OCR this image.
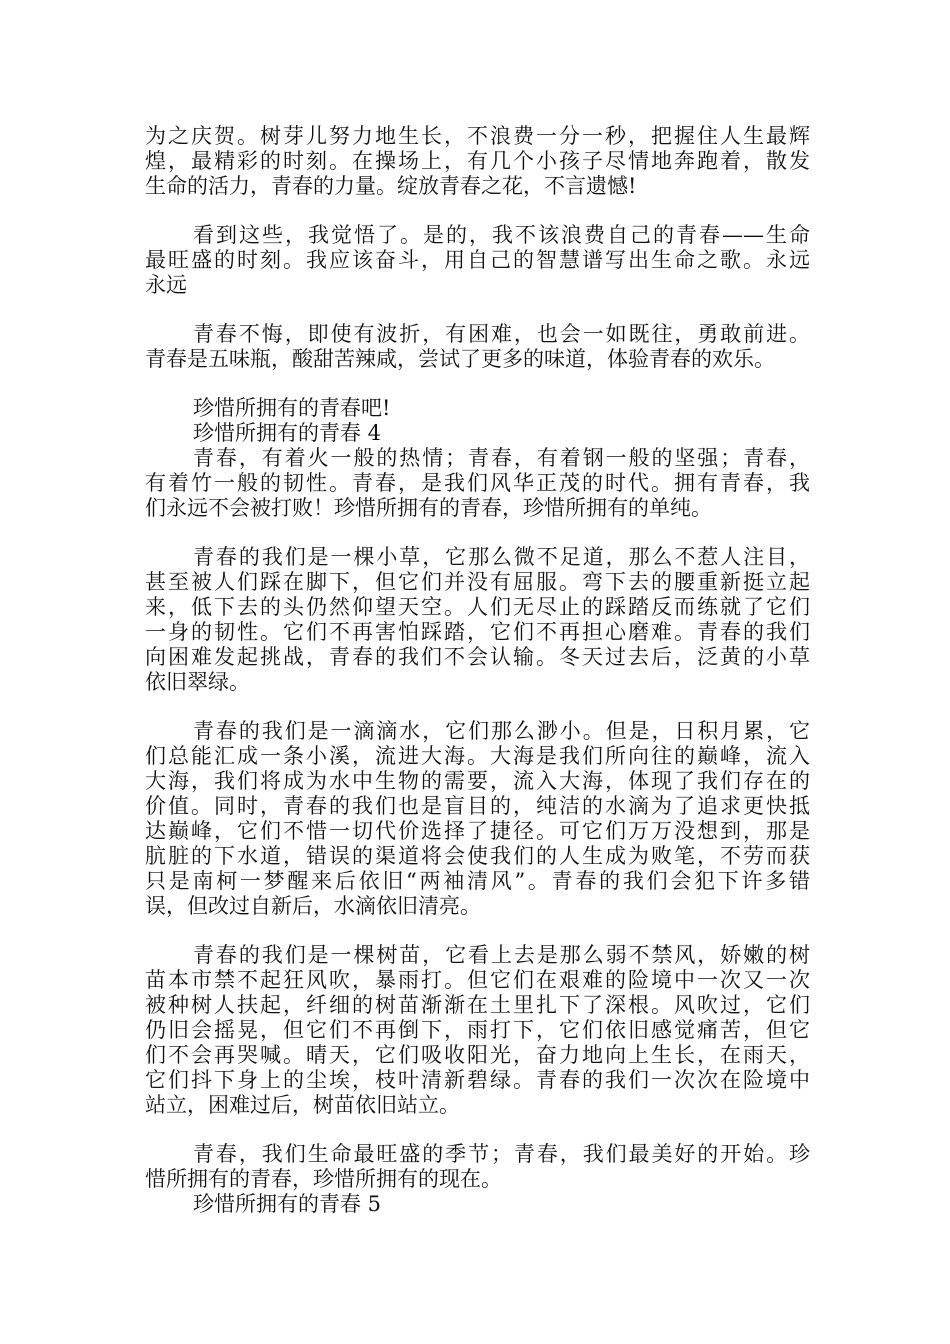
为之庆贺。树芽儿努力地生长，不浪费一分一秒，把握住人生最辉
煌，最精彩的时刻。在操场上，有几个小孩子尽情地奔跑着，散发
生命的活力，青春的力量。绽放青春之花，不言遗憾!
看到这些，我觉悟了。是的，我不该浪费自己的青春——生命
最旺盛的时刻。我应该奋斗，用自己的智慧谱写出生命之歌。永远
永远
青春不悔，即使有波折，有困难，也会一如既往，勇敢前进。
青春是五味瓶，酸甜苦辣咸，尝试了更多的味道，体验青春的欢乐。
珍惜所拥有的青春吧!
珍惜所拥有的青春 4
青春，有着火一般的热情；青春，有着钢一般的坚强；青春，
有着竹一般的韧性。青春，是我们风华正茂的时代。拥有青春，我
们永远不会被打败！珍惜所拥有的青春，珍惜所拥有的单纯。
青春的我们是一棵小草，它那么微不足道，那么不惹人注目，
甚至被人们踩在脚下，但它们并没有屈服。弯下去的腰重新挺立起
来，低下去的头仍然仰望天空。人们无尽止的踩踏反而练就了它们
一身的韧性。它们不再害怕踩踏，它们不再担心磨难。青春的我们
向困难发起挑战，青春的我们不会认输。冬天过去后，泛黄的小草
依旧翠绿。
青春的我们是一滴滴水，它们那么渺小。但是，日积月累，它
们总能汇成一条小溪，流进大海。大海是我们所向往的巅峰，流入
大海，我们将成为水中生物的需要，流入大海，体现了我们存在的
价值。同时，青春的我们也是盲目的，纯洁的水滴为了追求更快抵
达巅峰，它们不惜一切代价选择了捷径。可它们万万没想到，那是
肮脏的下水道，错误的渠道将会使我们的人生成为败笔，不劳而获
只是南柯一梦醒来后依旧“两袖清风”。青春的我们会犯下许多错
误，但改过自新后，水滴依旧清亮。
青春的我们是一棵树苗，它看上去是那么弱不禁风，娇嫩的树
苗本市禁不起狂风吹，暴雨打。但它们在艰难的险境中一次又一次
被种树人扶起，纤细的树苗渐渐在土里扎下了深根。风吹过，它们
仍旧会摇晃，但它们不再倒下，雨打下，它们依旧感觉痛苦，但它
们不会再哭喊。晴天，它们吸收阳光，奋力地向上生长，在雨天，
它们抖下身上的尘埃，枝叶清新碧绿。青春的我们一次次在险境中
站立，困难过后，树苗依旧站立。
青春，我们生命最旺盛的季节；青春，我们最美好的开始。珍
惜所拥有的青春，珍惜所拥有的现在。
珍惜所拥有的青春 5
